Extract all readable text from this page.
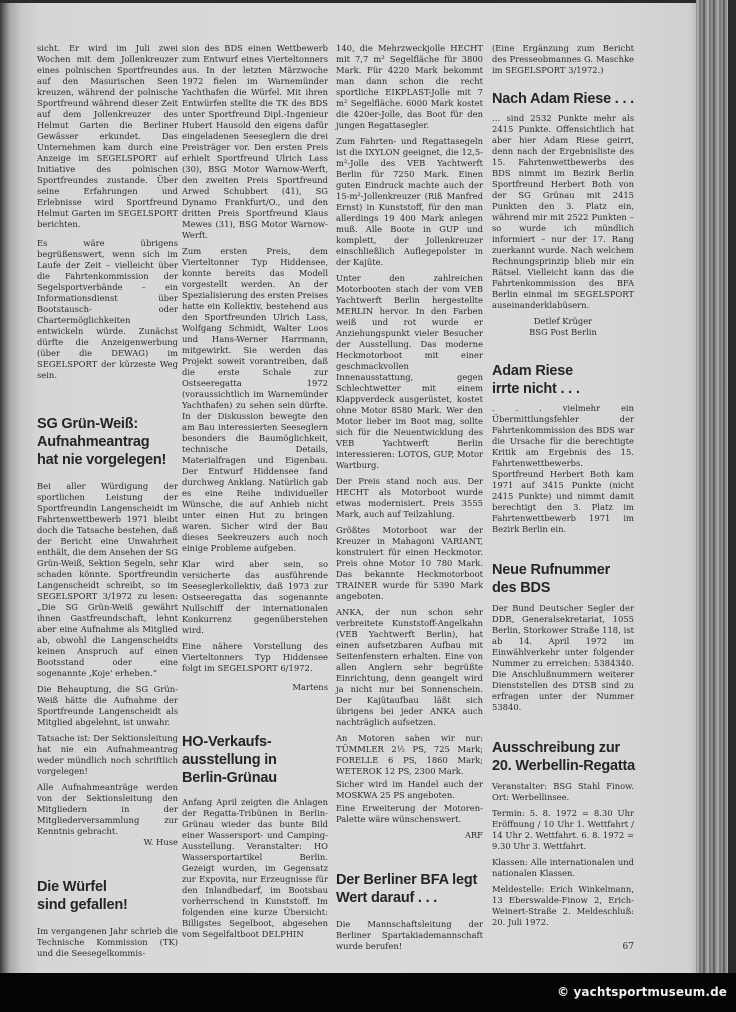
sicht. Er wird im Juli zwei Wochen mit dem Jollenkreuzer eines polnischen Sportfreundes auf den Masurischen Seen kreuzen, während der polnische Sportfreund während dieser Zeit auf dem Jollenkreuzer des Helmut Garten die Berliner Gewässer erkundet. Das Unternehmen kam durch eine Anzeige im SEGELSPORT auf Initiative des polnischen Sportfreundes zustande. Über seine Erfahrungen und Erlebnisse wird Sportfreund Helmut Garten im SEGELSPORT berichten.

Es wäre übrigens begrüßenswert, wenn sich im Laufe der Zeit – vielleicht über die Fahrtenkommission der Segelsportverbände – ein Informationsdienst über Bootstausch- oder Chartermöglichkeiten entwickeln würde. Zunächst dürfte die Anzeigenwerbung (über die DEWAG) im SEGELSPORT der kürzeste Weg sein.

SG Grün-Weiß:
Aufnahmeantrag
hat nie vorgelegen!

Bei aller Würdigung der sportlichen Leistung der Sportfreundin Langenscheidt im Fahrtenwettbewerb 1971 bleibt doch die Tatsache bestehen, daß der Bericht eine Unwahrheit enthält, die dem Ansehen der SG Grün-Weiß, Sektion Segeln, sehr schaden könnte. Sportfreundin Langenscheidt schreibt, so im SEGELSPORT 3/1972 zu lesen: „Die SG Grün-Weiß gewährt ihnen Gastfreundschaft, lehnt aber eine Aufnahme als Mitglied ab, obwohl die Langenscheidts keinen Anspruch auf einen Bootsstand oder eine sogenannte ‚Koje' erheben.“

Die Behauptung, die SG Grün-Weiß hätte die Aufnahme der Sportfreunde Langenscheidt als Mitglied abgelehnt, ist unwahr.

Tatsache ist: Der Sektionsleitung hat nie ein Aufnahmeantrag weder mündlich noch schriftlich vorgelegen!

Alle Aufnahmeanträge werden von der Sektionsleitung den Mitgliedern in der Mitgliederversammlung zur Kenntnis gebracht.

W. Huse
Die Würfel
sind gefallen!

Im vergangenen Jahr schrieb die Technische Kommission (TK) und die Seesegelkommis-

sion des BDS einen Wettbewerb zum Entwurf eines Vierteltonners aus. In der letzten Märzwoche 1972 fielen im Warnemünder Yachthafen die Würfel. Mit ihren Entwürfen stellte die TK des BDS unter Sportfreund Dipl.-Ingenieur Hubert Hausold den eigens dafür eingeladenen Seeseglern die drei Preisträger vor. Den ersten Preis erhielt Sportfreund Ulrich Lass (30), BSG Motor Warnow-Werft, den zweiten Preis Sportfreund Arwed Schubbert (41), SG Dynamo Frankfurt/O., und den dritten Preis Sportfreund Klaus Mewes (31), BSG Motor Warnow-Werft.

Zum ersten Preis, dem Vierteltonner Typ Hiddensee, konnte bereits das Modell vorgestellt werden. An der Spezialisierung des ersten Preises hatte ein Kollektiv, bestehend aus den Sportfreunden Ulrich Lass, Wolfgang Schmidt, Walter Loos und Hans-Werner Harrmann, mitgewirkt. Sie werden das Projekt soweit vorantreiben, daß die erste Schale zur Ostseeregatta 1972 (voraussichtlich im Warnemünder Yachthafen) zu sehen sein dürfte. In der Diskussion bewegte den am Bau interessierten Seeseglern besonders die Baumöglichkeit, technische Details, Materialfragen und Eigenbau. Der Entwurf Hiddensee fand durchweg Anklang. Natürlich gab es eine Reihe individueller Wünsche, die auf Anhieb nicht unter einen Hut zu bringen waren. Sicher wird der Bau dieses Seekreuzers auch noch einige Probleme aufgeben.

Klar wird aber sein, so versicherte das ausführende Seeseglerkollektiv, daß 1973 zur Ostseeregatta das sogenannte Nullschiff der internationalen Konkurrenz gegenüberstehen wird.

Eine nähere Vorstellung des Vierteltonners Typ Hiddensee folgt im SEGELSPORT 6/1972.

Martens
HO-Verkaufs-
ausstellung in
Berlin-Grünau

Anfang April zeigten die Anlagen der Regatta-Tribünen in Berlin-Grünau wieder das bunte Bild einer Wassersport- und Camping-Ausstellung. Veranstalter: HO Wassersportartikel Berlin. Gezeigt wurden, im Gegensatz zur Expovita, nur Erzeugnisse für den Inlandbedarf, im Bootsbau vorherrschend in Kunststoff. Im folgenden eine kurze Übersicht: Billigstes Segelboot, abgesehen vom Segelfaltboot DELPHIN

140, die Mehrzweckjolle HECHT mit 7,7 m² Segelfläche für 3800 Mark. Für 4220 Mark bekommt man dann schon die recht sportliche EIKPLAST-Jolle mit 7 m² Segelfläche. 6000 Mark kostet die 420er-Jolle, das Boot für den jungen Regattasegler.

Zum Fahrten- und Regattasegeln ist die IXYLON geeignet, die 12,5-m²-Jolle des VEB Yachtwerft Berlin für 7250 Mark. Einen guten Eindruck machte auch der 15-m²-Jollenkreuzer (Riß Manfred Ernst) in Kunststoff, für den man allerdings 19 400 Mark anlegen muß. Alle Boote in GUP und komplett, der Jollenkreuzer einschließlich Auflegepolster in der Kajüte.

Unter den zahlreichen Motorbooten stach der vom VEB Yachtwerft Berlin hergestellte MERLIN hervor. In den Farben weiß und rot wurde er Anziehungspunkt vieler Besucher der Ausstellung. Das moderne Heckmotorboot mit einer geschmackvollen Innenausstattung, gegen Schlechtwetter mit einem Klappverdeck ausgerüstet, kostet ohne Motor 8580 Mark. Wer den Motor lieber im Boot mag, sollte sich für die Neuentwicklung des VEB Yachtwerft Berlin interessieren: LOTOS, GUP, Motor Wartburg.

Der Preis stand noch aus. Der HECHT als Motorboot wurde etwas modernisiert. Preis 3555 Mark, auch auf Teilzahlung.

Größtes Motorboot war der Kreuzer in Mahagoni VARIANT, konstruiert für einen Heckmotor. Preis ohne Motor 10 780 Mark. Das bekannte Heckmotorboot TRAINER wurde für 5390 Mark angeboten.

ANKA, der nun schon sehr verbreitete Kunststoff-Angelkahn (VEB Yachtwerft Berlin), hat einen aufsetzbaren Aufbau mit Seitenfenstern erhalten. Eine von allen Anglern sehr begrüßte Einrichtung, denn geangelt wird ja nicht nur bei Sonnenschein. Der Kajütaufbau läßt sich übrigens bei jeder ANKA auch nachträglich aufsetzen.

An Motoren sahen wir nur: TÜMMLER 2½ PS, 725 Mark; FORELLE 6 PS, 1860 Mark; WETEROK 12 PS, 2300 Mark.

Sicher wird im Handel auch der MOSKWA 25 PS angeboten.

Eine Erweiterung der Motoren-Palette wäre wünschenswert.

ARF
Der Berliner BFA legt
Wert darauf . . .

Die Mannschaftsleitung der Berliner Spartakiademannschaft wurde berufen!

(Eine Ergänzung zum Bericht des Presseobmannes G. Maschke im SEGELSPORT 3/1972.)

Nach Adam Riese . . .

… sind 2532 Punkte mehr als 2415 Punkte. Offensichtlich hat aber hier Adam Riese geirrt, denn nach der Ergebnisliste des 15. Fahrtenwettbewerbs des BDS nimmt im Bezirk Berlin Sportfreund Herbert Both von der SG Grünau mit 2415 Punkten den 3. Platz ein, während mir mit 2522 Punkten – so wurde ich mündlich informiert – nur der 17. Rang zuerkannt wurde. Nach welchem Rechnungsprinzip blieb mir ein Rätsel. Vielleicht kann das die Fahrtenkommission des BFA Berlin einmal im SEGELSPORT auseinanderklabüsern.

Detlef Krüger
BSG Post Berlin
Adam Riese
irrte nicht . . .

. . . vielmehr ein Übermittlungsfehler der Fahrtenkommission des BDS war die Ursache für die berechtigte Kritik am Ergebnis des 15. Fahrtenwettbewerbs. Sportfreund Herbert Both kam 1971 auf 3415 Punkte (nicht 2415 Punkte) und nimmt damit berechtigt den 3. Platz im Fahrtenwettbewerb 1971 im Bezirk Berlin ein.

Neue Rufnummer
des BDS

Der Bund Deutscher Segler der DDR, Generalsekretariat, 1055 Berlin, Storkower Straße 118, ist ab 14. April 1972 im Einwählverkehr unter folgender Nummer zu erreichen: 5384340. Die Anschlußnummern weiterer Dienststellen des DTSB sind zu erfragen unter der Nummer 53840.

Ausschreibung zur
20. Werbellin-Regatta

Veranstalter: BSG Stahl Finow. Ort: Werbellinsee.

Termin: 5. 8. 1972 = 8.30 Uhr Eröffnung / 10 Uhr 1. Wettfahrt / 14 Uhr 2. Wettfahrt. 6. 8. 1972 = 9.30 Uhr 3. Wettfahrt.

Klassen: Alle internationalen und nationalen Klassen.

Meldestelle: Erich Winkelmann, 13 Eberswalde-Finow 2, Erich-Weinert-Straße 2. Meldeschluß: 20. Juli 1972.

67
© yachtsportmuseum.de
